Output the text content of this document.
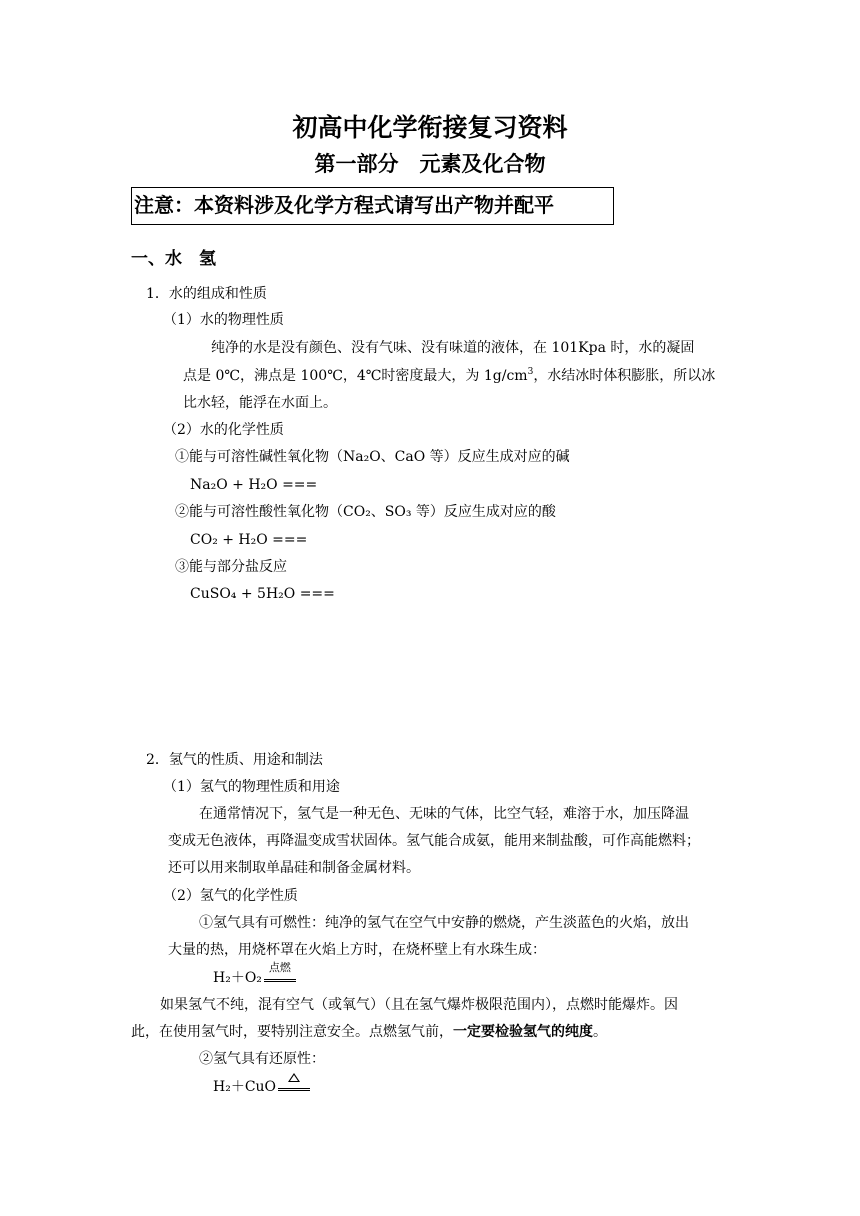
初高中化学衔接复习资料
第一部分　元素及化合物
注意：本资料涉及化学方程式请写出产物并配平
一、水　氢
1．水的组成和性质
（1）水的物理性质
纯净的水是没有颜色、没有气味、没有味道的液体，在 101Kpa 时，水的凝固
点是 0℃，沸点是 100℃，4℃时密度最大，为 $1g/cm^3$，水结冰时体积膨胀，所以冰
比水轻，能浮在水面上。
（2）水的化学性质
①能与可溶性碱性氧化物（Na₂O、CaO 等）反应生成对应的碱
Na₂O + H₂O ===
②能与可溶性酸性氧化物（CO₂、SO₃ 等）反应生成对应的酸
CO₂ + H₂O ===
③能与部分盐反应
CuSO₄ + 5H₂O ===
2．氢气的性质、用途和制法
（1）氢气的物理性质和用途
在通常情况下，氢气是一种无色、无味的气体，比空气轻，难溶于水，加压降温
变成无色液体，再降温变成雪状固体。氢气能合成氨，能用来制盐酸，可作高能燃料；
还可以用来制取单晶硅和制备金属材料。
（2）氢气的化学性质
①氢气具有可燃性：纯净的氢气在空气中安静的燃烧，产生淡蓝色的火焰，放出
大量的热，用烧杯罩在火焰上方时，在烧杯壁上有水珠生成：
H₂＋O₂
点燃
如果氢气不纯，混有空气（或氧气）（且在氢气爆炸极限范围内），点燃时能爆炸。因
此，在使用氢气时，要特别注意安全。点燃氢气前，一定要检验氢气的纯度。
②氢气具有还原性：
H₂＋CuO
